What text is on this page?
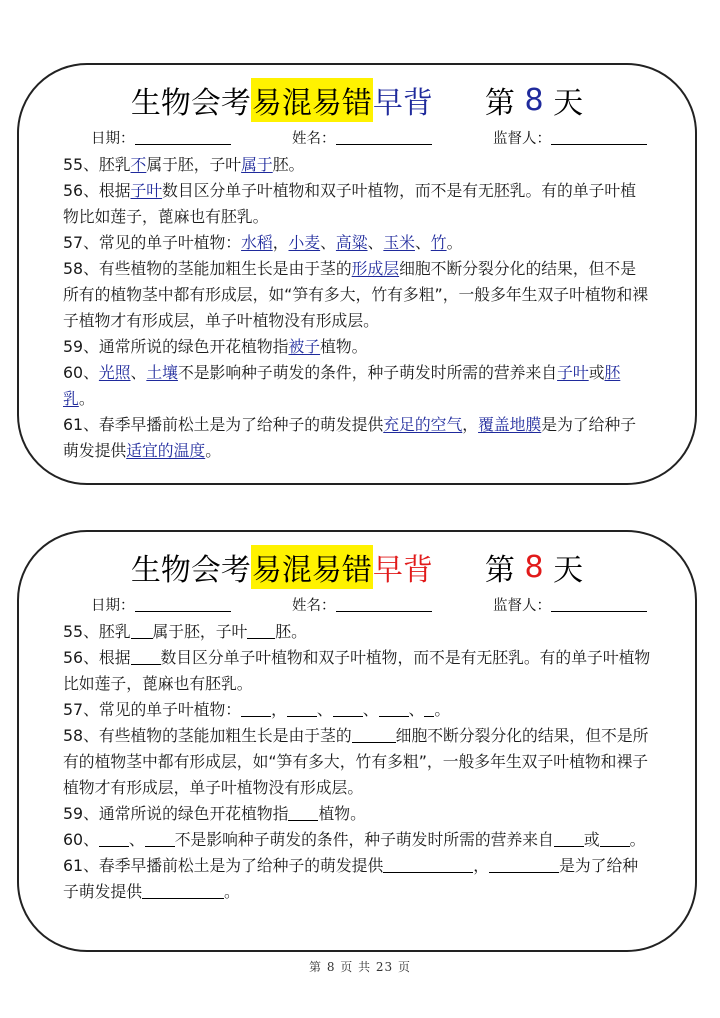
生物会考 易混易错 早背 第
8
天
日期：	姓名：	监督人：

55、胚乳不属于胚，子叶属于胚。

56、根据子叶数目区分单子叶植物和双子叶植物，而不是有无胚乳。有的单子叶植物比如莲子，蓖麻也有胚乳。

57、常见的单子叶植物：水稻，小麦、高粱、玉米、竹。

58、有些植物的茎能加粗生长是由于茎的形成层细胞不断分裂分化的结果，但不是所有的植物茎中都有形成层，如“笋有多大，竹有多粗”，一般多年生双子叶植物和裸子植物才有形成层，单子叶植物没有形成层。

59、通常所说的绿色开花植物指被子植物。

60、光照、土壤不是影响种子萌发的条件，种子萌发时所需的营养来自子叶或胚乳。

61、春季早播前松土是为了给种子的萌发提供充足的空气，覆盖地膜是为了给种子萌发提供适宜的温度。

生物会考 易混易错 早背 第
8
天
日期：	姓名：	监督人：

55、胚乳 属于胚，子叶 胚。

56、根据 数目区分单子叶植物和双子叶植物，而不是有无胚乳。有的单子叶植物比如莲子，蓖麻也有胚乳。

57、常见的单子叶植物： ， 、 、 、 。

58、有些植物的茎能加粗生长是由于茎的	细胞不断分裂分化的结果，但不是所有的植物茎中都有形成层，如“笋有多大，竹有多粗”，一般多年生双子叶植物和裸子植物才有形成层，单子叶植物没有形成层。

59、通常所说的绿色开花植物指 植物。

60、 、 不是影响种子萌发的条件，种子萌发时所需的营养来自 或 。

61、春季早播前松土是为了给种子的萌发提供	，	是为了给种子萌发提供	。

第 8 页 共 23 页
